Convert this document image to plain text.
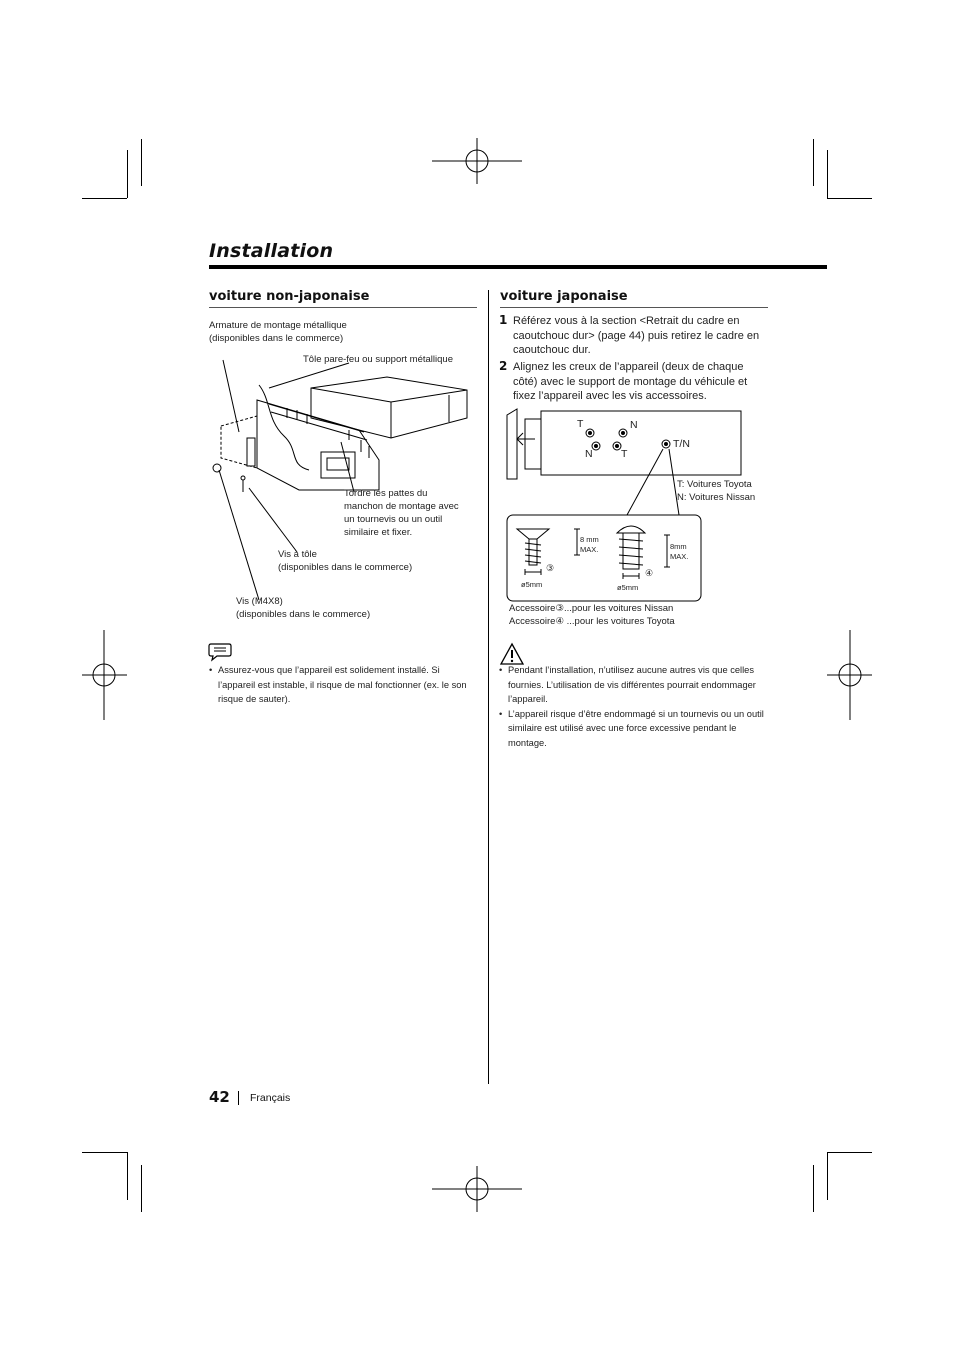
Installation
voiture non-japonaise
Armature de montage métallique
(disponibles dans le commerce)
Tôle pare-feu ou support métallique
Tordre les pattes du
manchon de montage avec
un tournevis ou un outil
similaire et fixer.
Vis à tôle
(disponibles dans le commerce)
Vis (M4X8)
(disponibles dans le commerce)
• Assurez-vous que l’appareil est solidement installé. Si l’appareil est instable, il risque de mal fonctionner (ex. le son risque de sauter).
voiture japonaise
1 Référez vous à la section <Retrait du cadre en caoutchouc dur> (page 44) puis retirez le cadre en caoutchouc dur.
2 Alignez les creux de l’appareil (deux de chaque côté) avec le support de montage du véhicule et fixez l’appareil avec les vis accessoires.
T	N
N	T
T/N
T: Voitures Toyota
N: Voitures Nissan
8 mm
MAX.
③
ø5mm
8mm
MAX.
④
ø5mm
Accessoire③...pour les voitures Nissan
Accessoire④ ...pour les voitures Toyota
• Pendant l’installation, n’utilisez aucune autres vis que celles fournies. L’utilisation de vis différentes pourrait endommager l’appareil.
• L’appareil risque d’être endommagé si un tournevis ou un outil similaire est utilisé avec une force excessive pendant le montage.
42 Français
